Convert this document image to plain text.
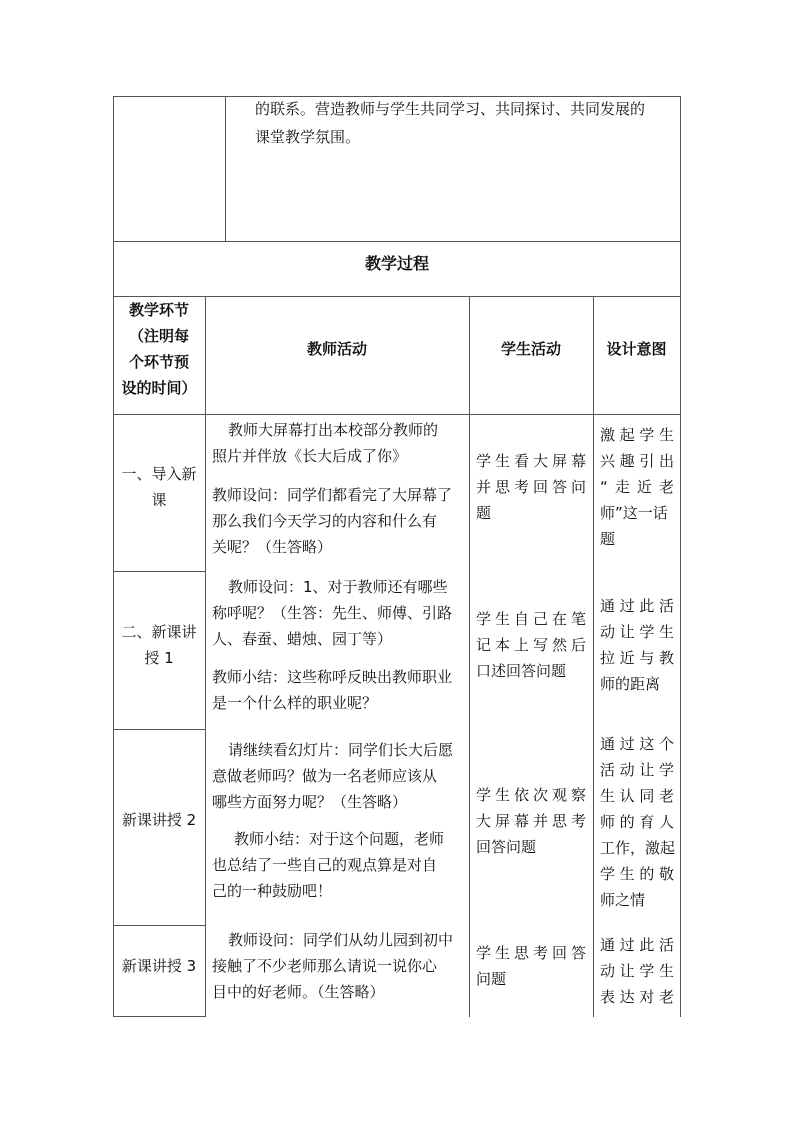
的联系。营造教师与学生共同学习、共同探讨、共同发展的
课堂教学氛围。
教学过程
教学环节
（注明每
个环节预
设的时间）
教师活动	学生活动	设计意图
一、导入新
课
教师大屏幕打出本校部分教师的
照片并伴放《长大后成了你》
教师设问：同学们都看完了大屏幕了
那么我们今天学习的内容和什么有
关呢？（生答略）
学生看大屏幕
并思考回答问
题
激起学生
兴趣引出
“走近老
师”这一话
题
二、新课讲
授 1
教师设问：1、对于教师还有哪些
称呼呢？（生答：先生、师傅、引路
人、春蚕、蜡烛、园丁等）
教师小结：这些称呼反映出教师职业
是一个什么样的职业呢？
学生自己在笔
记本上写然后
口述回答问题
通过此活
动让学生
拉近与教
师的距离
新课讲授 2
请继续看幻灯片：同学们长大后愿
意做老师吗？做为一名老师应该从
哪些方面努力呢？（生答略）
教师小结：对于这个问题，老师
也总结了一些自己的观点算是对自
己的一种鼓励吧！
学生依次观察
大屏幕并思考
回答问题
通过这个
活动让学
生认同老
师的育人
工作，激起
学生的敬
师之情
新课讲授 3
教师设问：同学们从幼儿园到初中
接触了不少老师那么请说一说你心
目中的好老师。（生答略）
学生思考回答
问题
通过此活
动让学生
表达对老
